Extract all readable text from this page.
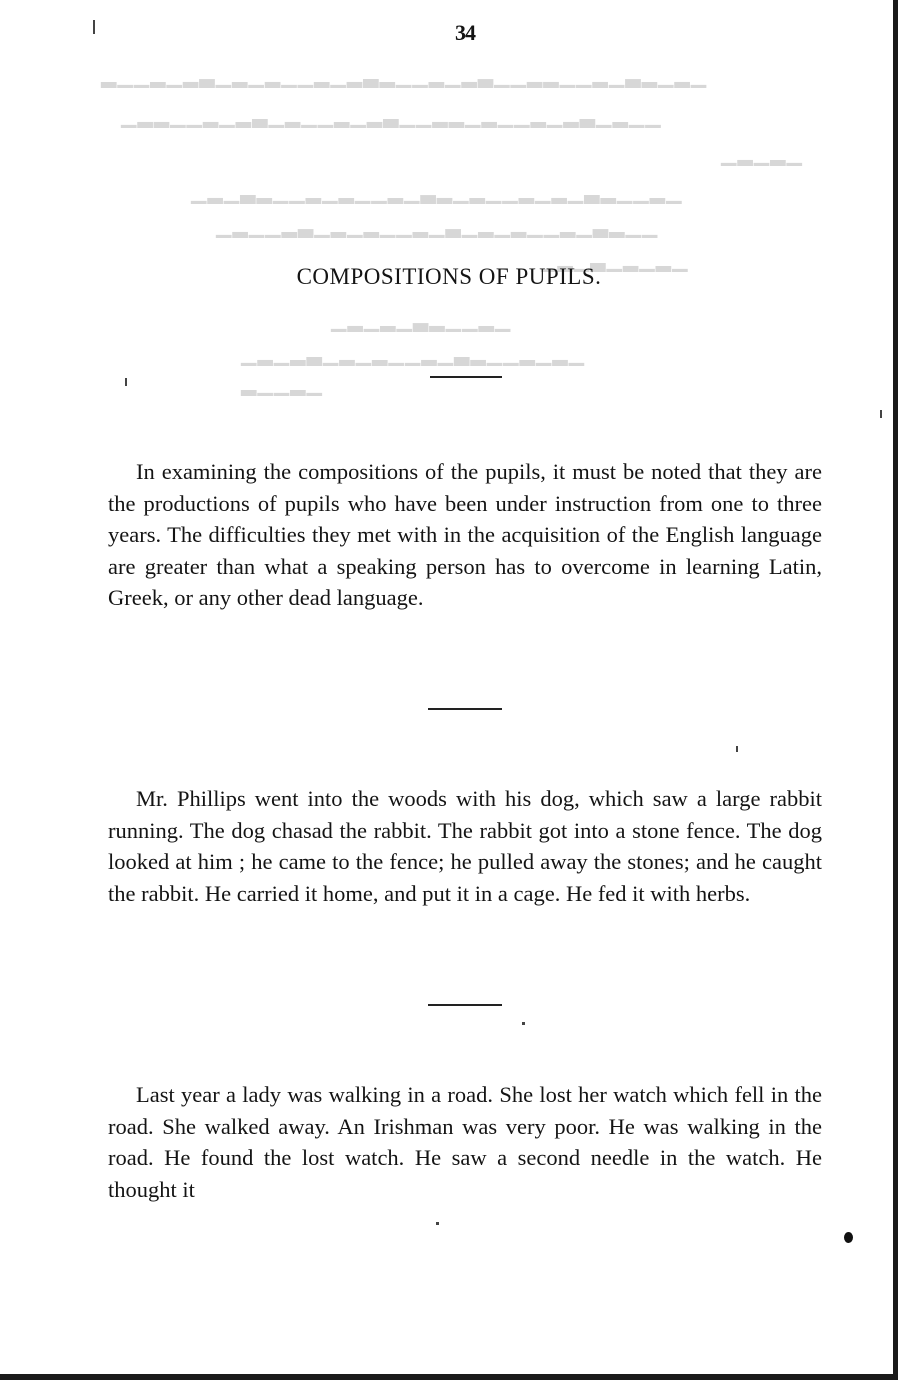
34
▁▂▁▂▃▁▂▁▁▂▂▁▁▃▂▁▂▁▁▂▃▂▁▂▁▁▂▁▂▁▃▂▁▂▁▁▂
▁▁▂▁▃▂▁▂▁▁▂▁▂▂▁▁▃▂▁▂▁▁▂▁▃▂▁▂▁▁▂▂▁
▁▂▁▂▁
▁▂▁▁▂▃▁▂▁▂▁▁▂▁▂▃▁▂▁▁▂▁▂▁▁▂▃▁▂▁
▁▁▂▃▁▂▁▁▂▁▂▁▃▁▂▁▁▂▁▂▁▃▂▁▁▂▁
▁▂▁▂▁▃▁▂▁
▁▂▁▁▂▃▁▂▁▂▁
▁▂▁▂▁▁▂▃▁▂▁▁▂▁▂▁▃▂▁▂▁
▁▂▁▁▂
COMPOSITIONS OF PUPILS.

In examining the compositions of the pupils, it must be noted that they are the productions of pupils who have been under instruction from one to three years. The difficulties they met with in the acquisition of the English language are greater than what a speaking person has to overcome in learning Latin, Greek, or any other dead language.

Mr. Phillips went into the woods with his dog, which saw a large rabbit running. The dog chasad the rabbit. The rabbit got into a stone fence. The dog looked at him ; he came to the fence; he pulled away the stones; and he caught the rabbit. He carried it home, and put it in a cage. He fed it with herbs.

Last year a lady was walking in a road. She lost her watch which fell in the road. She walked away. An Irishman was very poor. He was walking in the road. He found the lost watch. He saw a second needle in the watch. He thought it
